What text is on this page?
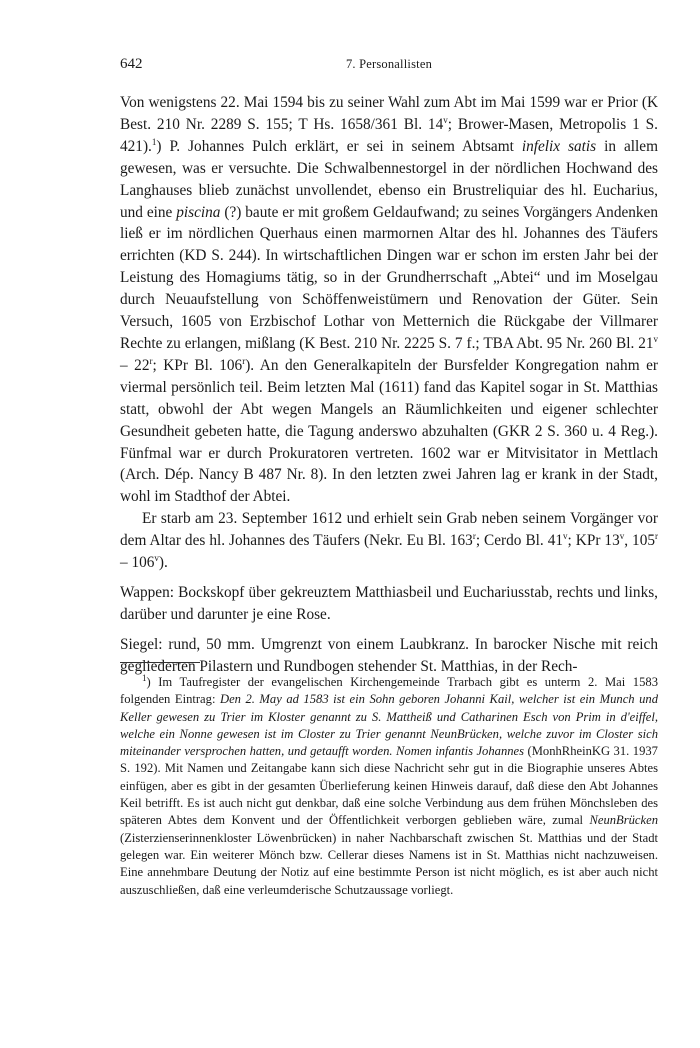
642	7. Personallisten

Von wenigstens 22. Mai 1594 bis zu seiner Wahl zum Abt im Mai 1599 war er Prior (K Best. 210 Nr. 2289 S. 155; T Hs. 1658/361 Bl. 14$^v$; Brower-Masen, Metropolis 1 S. 421).$^1$) P. Johannes Pulch erklärt, er sei in seinem Abtsamt infelix satis in allem gewesen, was er versuchte. Die Schwalbennestorgel in der nördlichen Hochwand des Langhauses blieb zunächst unvollendet, ebenso ein Brustreliquiar des hl. Eucharius, und eine piscina (?) baute er mit großem Geldaufwand; zu seines Vorgängers Andenken ließ er im nördlichen Querhaus einen marmornen Altar des hl. Johannes des Täufers errichten (KD S. 244). In wirtschaftlichen Dingen war er schon im ersten Jahr bei der Leistung des Homagiums tätig, so in der Grundherrschaft „Abtei“ und im Moselgau durch Neuaufstellung von Schöffenweistümern und Renovation der Güter. Sein Versuch, 1605 von Erzbischof Lothar von Metternich die Rückgabe der Villmarer Rechte zu erlangen, mißlang (K Best. 210 Nr. 2225 S. 7 f.; TBA Abt. 95 Nr. 260 Bl. 21$^v$ – 22$^r$; KPr Bl. 106$^r$). An den Generalkapiteln der Bursfelder Kongregation nahm er viermal persönlich teil. Beim letzten Mal (1611) fand das Kapitel sogar in St. Matthias statt, obwohl der Abt wegen Mangels an Räumlichkeiten und eigener schlechter Gesundheit gebeten hatte, die Tagung anderswo abzuhalten (GKR 2 S. 360 u. 4 Reg.). Fünfmal war er durch Prokuratoren vertreten. 1602 war er Mitvisitator in Mettlach (Arch. Dép. Nancy B 487 Nr. 8). In den letzten zwei Jahren lag er krank in der Stadt, wohl im Stadthof der Abtei.

Er starb am 23. September 1612 und erhielt sein Grab neben seinem Vorgänger vor dem Altar des hl. Johannes des Täufers (Nekr. Eu Bl. 163$^r$; Cerdo Bl. 41$^v$; KPr 13$^v$, 105$^r$ – 106$^v$).

Wappen: Bockskopf über gekreuztem Matthiasbeil und Euchariusstab, rechts und links, darüber und darunter je eine Rose.

Siegel: rund, 50 mm. Umgrenzt von einem Laubkranz. In barocker Nische mit reich gegliederten Pilastern und Rundbogen stehender St. Matthias, in der Rech-

$^1$) Im Taufregister der evangelischen Kirchengemeinde Trarbach gibt es unterm 2. Mai 1583 folgenden Eintrag: Den 2. May ad 1583 ist ein Sohn geboren Johanni Kail, welcher ist ein Munch und Keller gewesen zu Trier im Kloster genannt zu S. Mattheiß und Catharinen Esch von Prim in d'eiffel, welche ein Nonne gewesen ist im Closter zu Trier genannt NeunBrücken, welche zuvor im Closter sich miteinander versprochen hatten, und getaufft worden. Nomen infantis Johannes (MonhRheinKG 31. 1937 S. 192). Mit Namen und Zeitangabe kann sich diese Nachricht sehr gut in die Biographie unseres Abtes einfügen, aber es gibt in der gesamten Überlieferung keinen Hinweis darauf, daß diese den Abt Johannes Keil betrifft. Es ist auch nicht gut denkbar, daß eine solche Verbindung aus dem frühen Mönchsleben des späteren Abtes dem Konvent und der Öffentlichkeit verborgen geblieben wäre, zumal NeunBrücken (Zisterzienserinnenkloster Löwenbrücken) in naher Nachbarschaft zwischen St. Matthias und der Stadt gelegen war. Ein weiterer Mönch bzw. Cellerar dieses Namens ist in St. Matthias nicht nachzuweisen. Eine annehmbare Deutung der Notiz auf eine bestimmte Person ist nicht möglich, es ist aber auch nicht auszuschließen, daß eine verleumderische Schutzaussage vorliegt.
